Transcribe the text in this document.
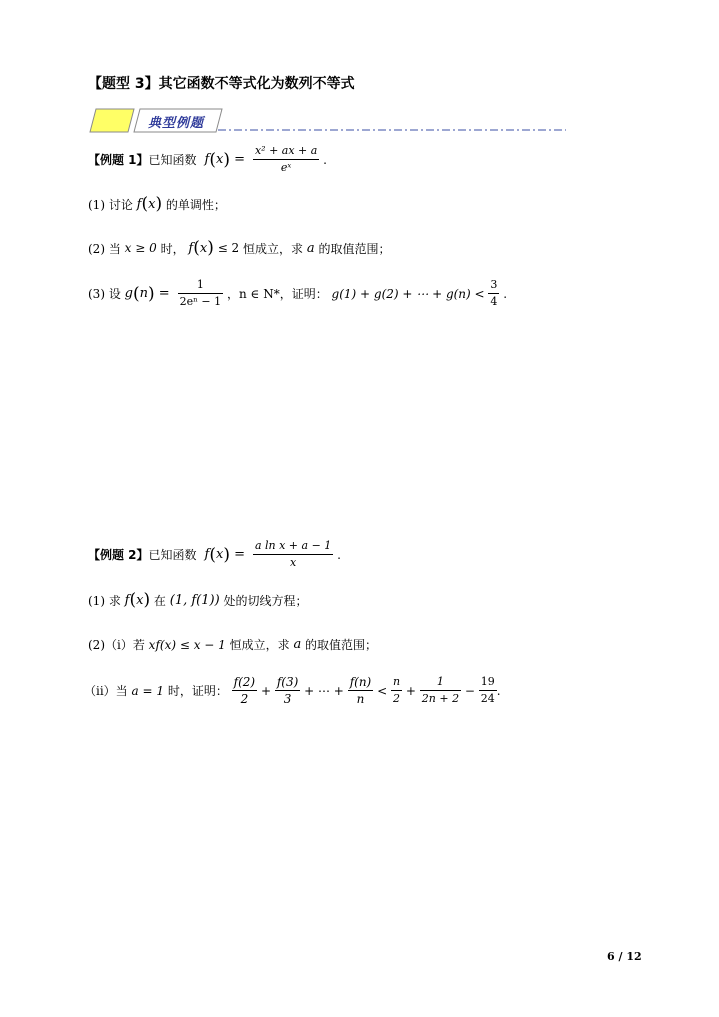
【题型 3】其它函数不等式化为数列不等式
典型例题
【例题 1】已知函数  $f(x) = \frac{\text{x² + ax + a}}{\text{eˣ}}$ .
(1) 讨论 f(x) 的单调性；
(2) 当 x ≥ 0 时， f(x) ≤ 2 恒成立，求 a 的取值范围；
(3) 设 $g(n) = \frac{1}{\text{2eⁿ − 1}}$ ，n ∈ N*，证明： g(1) + g(2) + ⋯ + $g(n) < \frac{3}{4}$ .
【例题 2】已知函数  $f(x) = \frac{\text{a ln x + a − 1}}{x}$ .
(1) 求 f(x) 在 (1, f(1)) 处的切线方程；
(2)（i）若 xf(x) ≤ x − 1 恒成立，求 a 的取值范围；
（ii）当 a = 1 时，证明： $\frac{f(2)}{2} + \frac{f(3)}{3}$ + ⋯ + $\frac{f(n)}{n} < \frac{n}{2} + \frac{1}{2n + 2} - \frac{19}{24}$ .
6 / 12
